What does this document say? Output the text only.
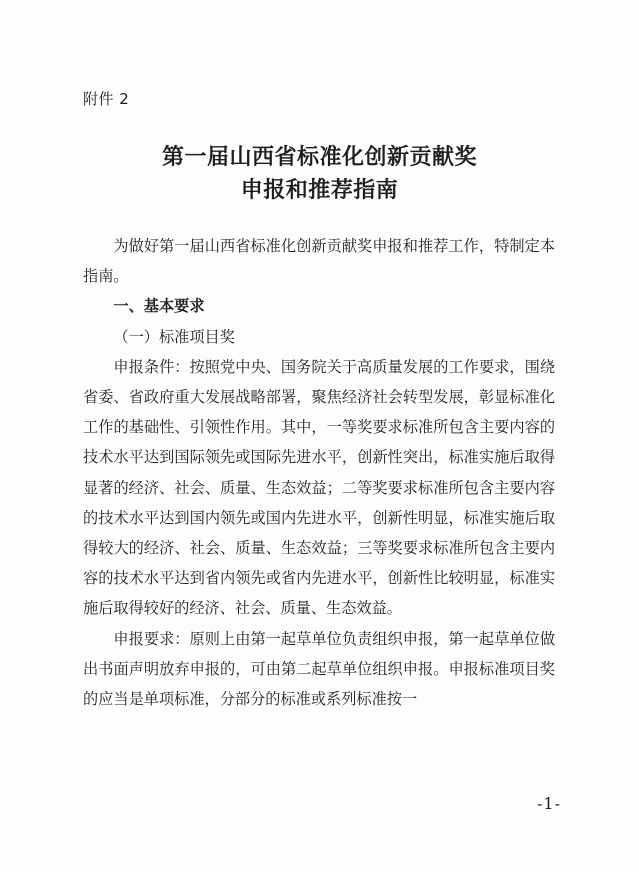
附件 2
第一届山西省标准化创新贡献奖
申报和推荐指南

为做好第一届山西省标准化创新贡献奖申报和推荐工作，特制定本指南。

一、基本要求

（一）标准项目奖

申报条件：按照党中央、国务院关于高质量发展的工作要求，围绕省委、省政府重大发展战略部署，聚焦经济社会转型发展，彰显标准化工作的基础性、引领性作用。其中，一等奖要求标准所包含主要内容的技术水平达到国际领先或国际先进水平，创新性突出，标准实施后取得显著的经济、社会、质量、生态效益；二等奖要求标准所包含主要内容的技术水平达到国内领先或国内先进水平，创新性明显，标准实施后取得较大的经济、社会、质量、生态效益；三等奖要求标准所包含主要内容的技术水平达到省内领先或省内先进水平，创新性比较明显，标准实施后取得较好的经济、社会、质量、生态效益。

申报要求：原则上由第一起草单位负责组织申报，第一起草单位做出书面声明放弃申报的，可由第二起草单位组织申报。申报标准项目奖的应当是单项标准，分部分的标准或系列标准按一

-1-
